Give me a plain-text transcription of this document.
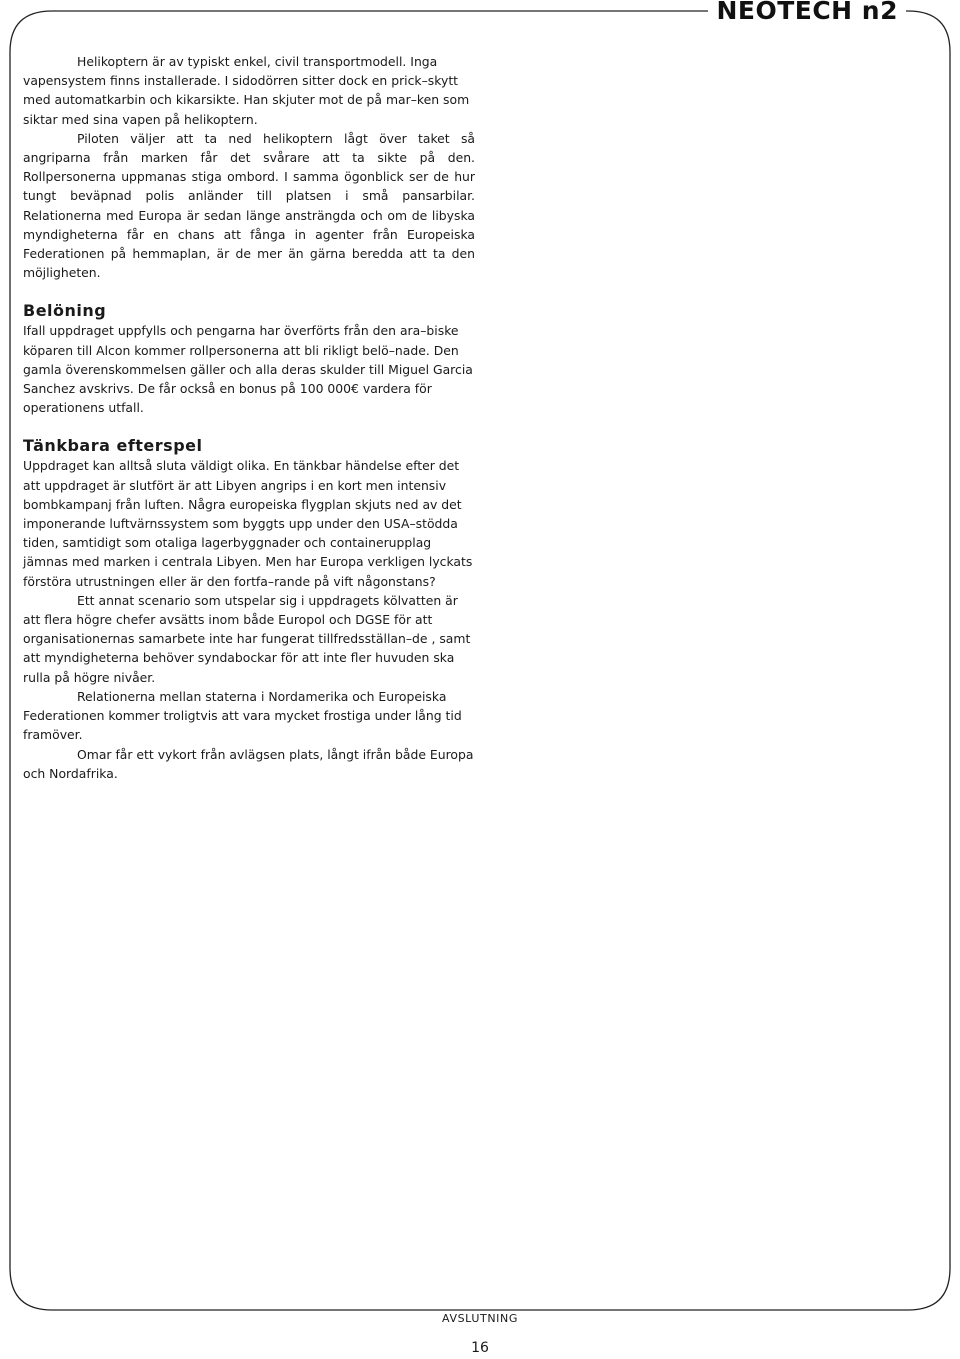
NEOTECH n2

Helikoptern är av typiskt enkel, civil transportmodell. Inga vapensystem finns installerade. I sidodörren sitter dock en prick–skytt med automatkarbin och kikarsikte. Han skjuter mot de på mar–ken som siktar med sina vapen på helikoptern.

Piloten väljer att ta ned helikoptern lågt över taket så angriparna från marken får det svårare att ta sikte på den. Rollpersonerna uppmanas stiga ombord. I samma ögonblick ser de hur tungt beväpnad polis anländer till platsen i små pansarbilar. Relationerna med Europa är sedan länge ansträngda och om de libyska myndigheterna får en chans att fånga in agenter från Europeiska Federationen på hemmaplan, är de mer än gärna beredda att ta den möjligheten.

Belöning

Ifall uppdraget uppfylls och pengarna har överförts från den ara–biske köparen till Alcon kommer rollpersonerna att bli rikligt belö–nade. Den gamla överenskommelsen gäller och alla deras skulder till Miguel Garcia Sanchez avskrivs. De får också en bonus på 100 000€ vardera för operationens utfall.

Tänkbara efterspel

Uppdraget kan alltså sluta väldigt olika. En tänkbar händelse efter det att uppdraget är slutfört är att Libyen angrips i en kort men intensiv bombkampanj från luften. Några europeiska flygplan skjuts ned av det imponerande luftvärnssystem som byggts upp under den USA–stödda tiden, samtidigt som otaliga lagerbyggnader och containerupplag jämnas med marken i centrala Libyen. Men har Europa verkligen lyckats förstöra utrustningen eller är den fortfa–rande på vift någonstans?

Ett annat scenario som utspelar sig i uppdragets kölvatten är att flera högre chefer avsätts inom både Europol och DGSE för att organisationernas samarbete inte har fungerat tillfredsställan–de , samt att myndigheterna behöver syndabockar för att inte fler huvuden ska rulla på högre nivåer.

Relationerna mellan staterna i Nordamerika och Europeiska Federationen kommer troligtvis att vara mycket frostiga under lång tid framöver.

Omar får ett vykort från avlägsen plats, långt ifrån både Europa och Nordafrika.

AVSLUTNING
16
